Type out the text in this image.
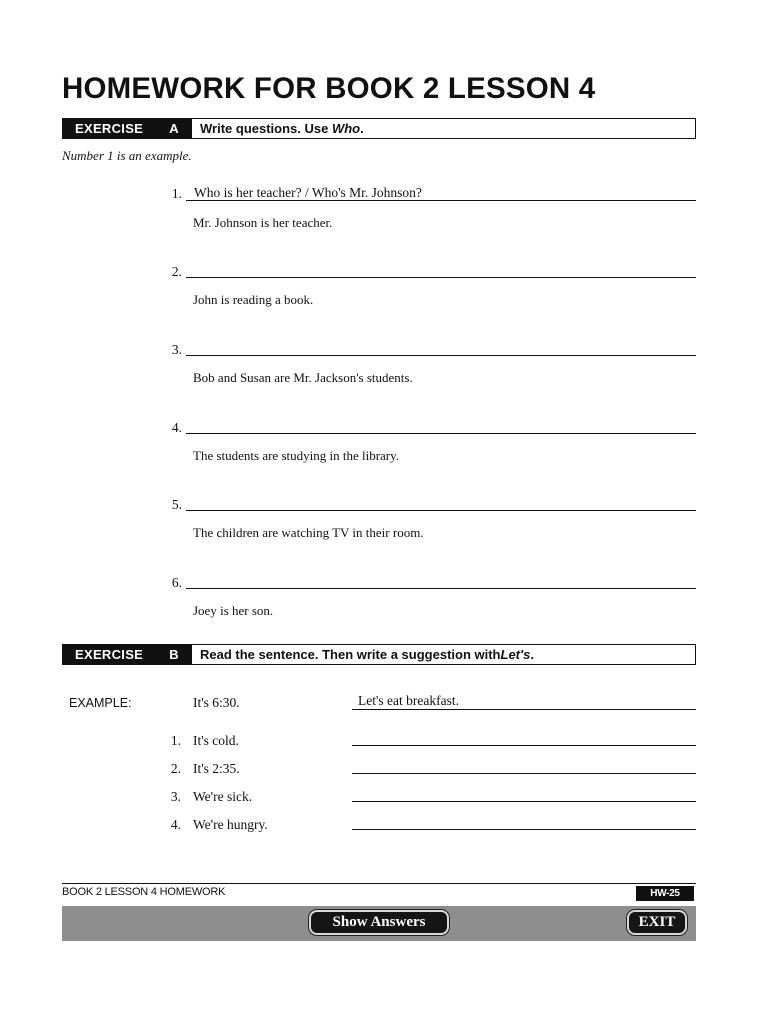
HOMEWORK FOR BOOK 2 LESSON 4
EXERCISE A Write questions. Use
Who .
Number 1 is an example.
1. Who is her teacher? / Who's Mr. Johnson?
Mr. Johnson is her teacher.
2.
John is reading a book.
3.
Bob and Susan are Mr. Jackson's students.
4.
The students are studying in the library.
5.
The children are watching TV in their room.
6.
Joey is her son.
EXERCISE B Read the sentence. Then write a suggestion with Let's .
EXAMPLE:	It's 6:30.	Let's eat breakfast.
1. It's cold.
2. It's 2:35.
3. We're sick.
4. We're hungry.
BOOK 2 LESSON 4 HOMEWORK	HW-25
Show Answers	EXIT
